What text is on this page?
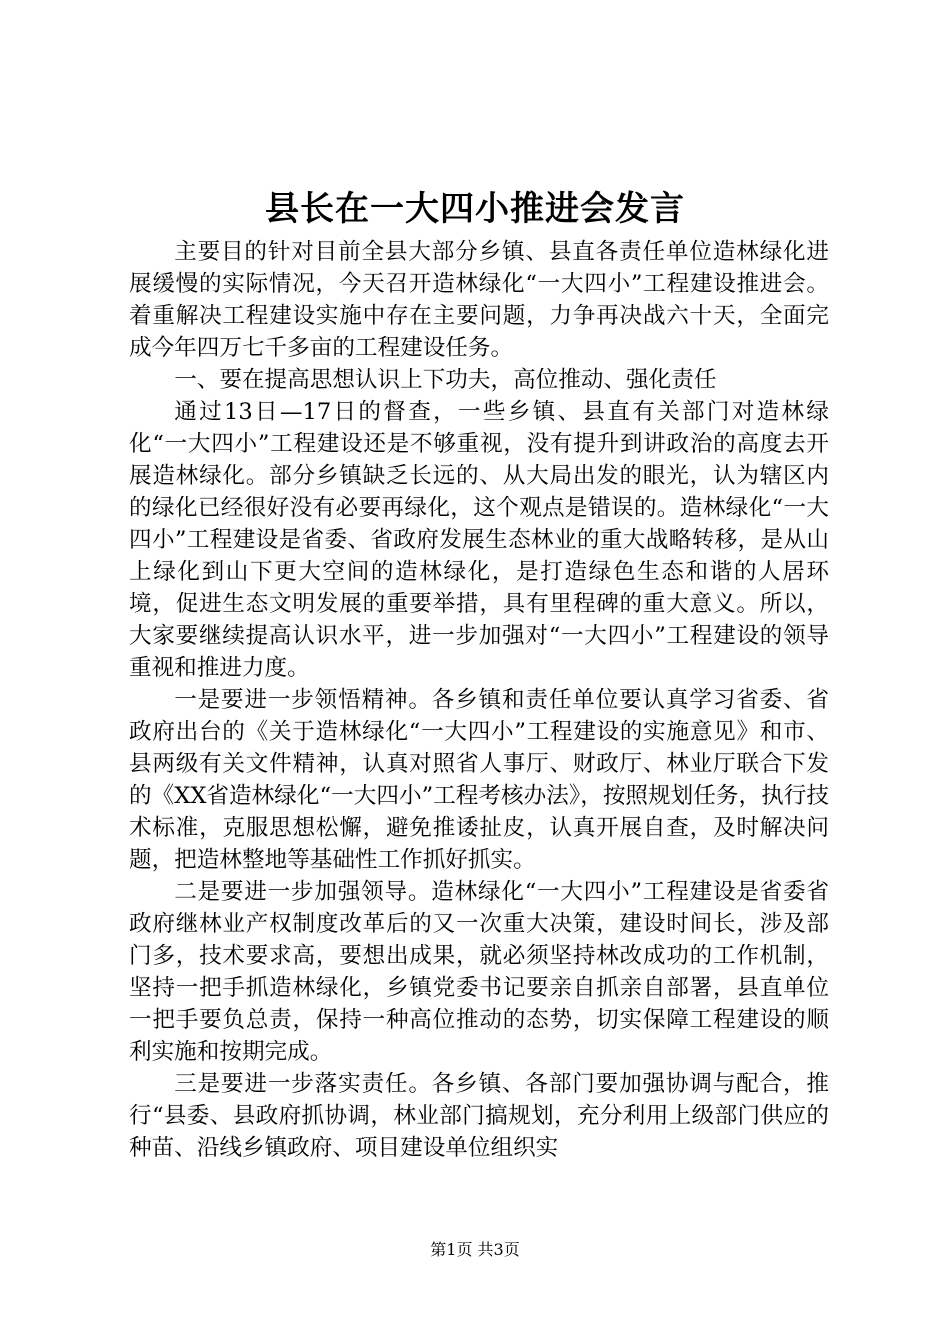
县长在一大四小推进会发言

主要目的针对目前全县大部分乡镇、县直各责任单位造林绿化进展缓慢的实际情况，今天召开造林绿化“一大四小”工程建设推进会。着重解决工程建设实施中存在主要问题，力争再决战六十天，全面完成今年四万七千多亩的工程建设任务。

一、要在提高思想认识上下功夫，高位推动、强化责任

通过13日—17日的督查，一些乡镇、县直有关部门对造林绿化“一大四小”工程建设还是不够重视，没有提升到讲政治的高度去开展造林绿化。部分乡镇缺乏长远的、从大局出发的眼光，认为辖区内的绿化已经很好没有必要再绿化，这个观点是错误的。造林绿化“一大四小”工程建设是省委、省政府发展生态林业的重大战略转移，是从山上绿化到山下更大空间的造林绿化，是打造绿色生态和谐的人居环境，促进生态文明发展的重要举措，具有里程碑的重大意义。所以，大家要继续提高认识水平，进一步加强对“一大四小”工程建设的领导重视和推进力度。

一是要进一步领悟精神。各乡镇和责任单位要认真学习省委、省政府出台的《关于造林绿化“一大四小”工程建设的实施意见》和市、县两级有关文件精神，认真对照省人事厅、财政厅、林业厅联合下发的《XX省造林绿化“一大四小”工程考核办法》，按照规划任务，执行技术标准，克服思想松懈，避免推诿扯皮，认真开展自查，及时解决问题，把造林整地等基础性工作抓好抓实。

二是要进一步加强领导。造林绿化“一大四小”工程建设是省委省政府继林业产权制度改革后的又一次重大决策，建设时间长，涉及部门多，技术要求高，要想出成果，就必须坚持林改成功的工作机制，坚持一把手抓造林绿化，乡镇党委书记要亲自抓亲自部署，县直单位一把手要负总责，保持一种高位推动的态势，切实保障工程建设的顺利实施和按期完成。

三是要进一步落实责任。各乡镇、各部门要加强协调与配合，推行“县委、县政府抓协调，林业部门搞规划，充分利用上级部门供应的种苗、沿线乡镇政府、项目建设单位组织实

第1页 共3页
